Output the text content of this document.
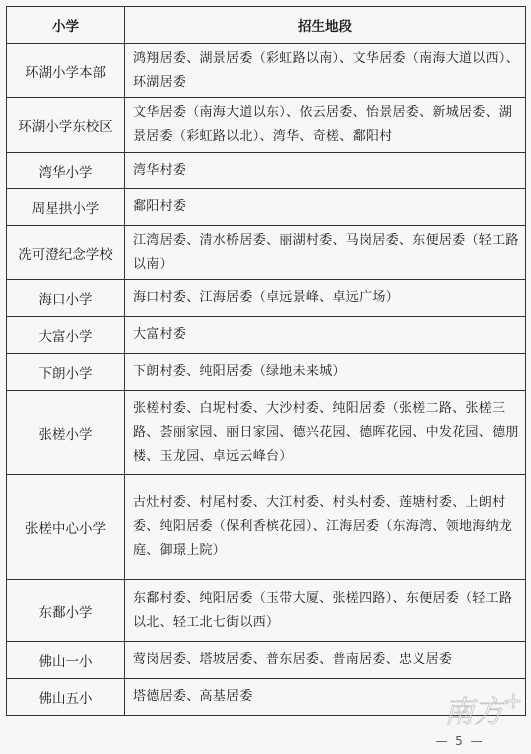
小学	招生地段
环湖小学本部	鸿翔居委、湖景居委（彩虹路以南）、文华居委（南海大道以西）、环湖居委
环湖小学东校区	文华居委（南海大道以东）、依云居委、怡景居委、新城居委、湖景居委（彩虹路以北）、湾华、奇槎、鄱阳村
湾华小学	湾华村委
周星拱小学	鄱阳村委
冼可澄纪念学校	江湾居委、清水桥居委、丽湖村委、马岗居委、东便居委（轻工路以南）
海口小学	海口村委、江海居委（卓远景峰、卓远广场）
大富小学	大富村委
下朗小学	下朗村委、纯阳居委（绿地未来城）
张槎小学	张槎村委、白坭村委、大沙村委、纯阳居委（张槎二路、张槎三路、荟丽家园、丽日家园、德兴花园、德晖花园、中发花园、德朋楼、玉龙园、卓远云峰台）
张槎中心小学	古灶村委、村尾村委、大江村委、村头村委、莲塘村委、上朗村委、纯阳居委（保利香槟花园）、江海居委（东海湾、领地海纳龙庭、御璟上院）
东鄱小学	东鄱村委、纯阳居委（玉带大厦、张槎四路）、东便居委（轻工路以北、轻工北七街以西）
佛山一小	莺岗居委、塔坡居委、普东居委、普南居委、忠义居委
佛山五小	塔德居委、高基居委	南方 +
— 5 —
